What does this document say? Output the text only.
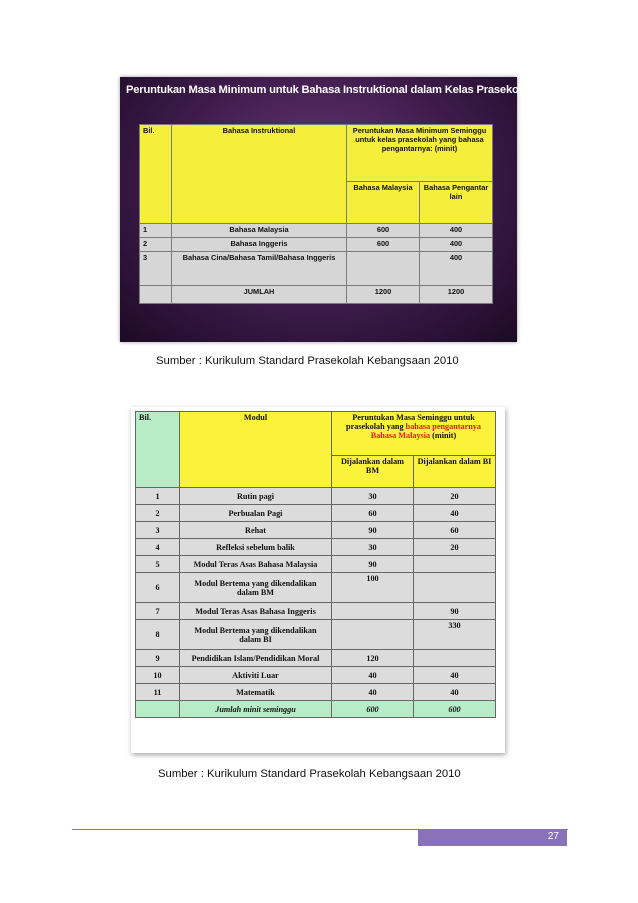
Peruntukan Masa Minimum untuk Bahasa Instruktional dalam Kelas Prasekolah
Bil.	Bahasa Instruktional	Peruntukan Masa Minimum Seminggu untuk kelas prasekolah yang bahasa pengantarnya: (minit)	
		Bahasa Malaysia	Bahasa Pengantar lain
1	Bahasa Malaysia	600	400
2	Bahasa Inggeris	600	400
3	Bahasa Cina/Bahasa Tamil/Bahasa Inggeris		400
	JUMLAH	1200	1200
Sumber : Kurikulum Standard Prasekolah Kebangsaan 2010
Bil.	Modul	Peruntukan Masa Seminggu untuk prasekolah yang bahasa pengantarnya Bahasa Malaysia (minit)	
		Dijalankan dalam BM	Dijalankan dalam BI
1	Rutin pagi	30	20
2	Perbualan Pagi	60	40
3	Rehat	90	60
4	Refleksi sebelum balik	30	20
5	Modul Teras Asas Bahasa Malaysia	90	
6	Modul Bertema yang dikendalikan dalam BM	100	
7	Modul Teras Asas Bahasa Inggeris		90
8	Modul Bertema yang dikendalikan dalam BI		330
9	Pendidikan Islam/Pendidikan Moral	120	
10	Aktiviti Luar	40	40
11	Matematik	40	40
	Jumlah minit seminggu	600	600
Sumber : Kurikulum Standard Prasekolah Kebangsaan 2010
27
